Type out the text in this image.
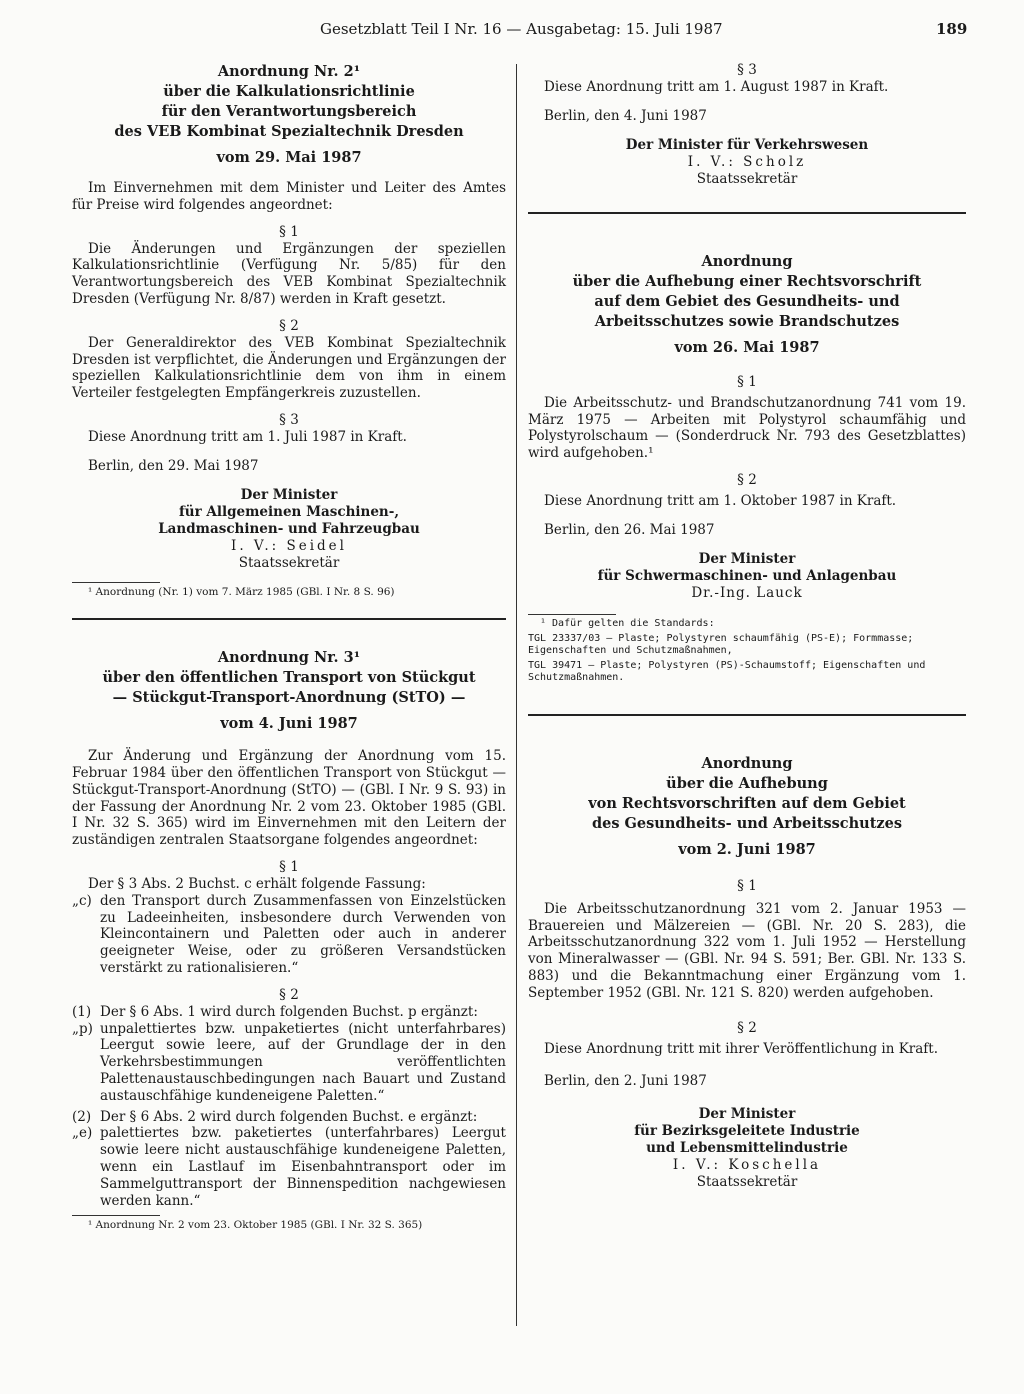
Gesetzblatt Teil I Nr. 16 — Ausgabetag: 15. Juli 1987	189
Anordnung Nr. 2¹
über die Kalkulationsrichtlinie
für den Verantwortungsbereich
des VEB Kombinat Spezialtechnik Dresden
vom 29. Mai 1987

Im Einvernehmen mit dem Minister und Leiter des Amtes für Preise wird folgendes angeordnet:

§ 1

Die Änderungen und Ergänzungen der speziellen Kalkulationsrichtlinie (Verfügung Nr. 5/85) für den Verantwortungsbereich des VEB Kombinat Spezialtechnik Dresden (Verfügung Nr. 8/87) werden in Kraft gesetzt.

§ 2

Der Generaldirektor des VEB Kombinat Spezialtechnik Dresden ist verpflichtet, die Änderungen und Ergänzungen der speziellen Kalkulationsrichtlinie dem von ihm in einem Verteiler festgelegten Empfängerkreis zuzustellen.

§ 3

Diese Anordnung tritt am 1. Juli 1987 in Kraft.

Berlin, den 29. Mai 1987
Der Minister
für Allgemeinen Maschinen-,
Landmaschinen- und Fahrzeugbau
I. V.: Seidel
Staatssekretär
¹ Anordnung (Nr. 1) vom 7. März 1985 (GBl. I Nr. 8 S. 96)
Anordnung Nr. 3¹
über den öffentlichen Transport von Stückgut
— Stückgut-Transport-Anordnung (StTO) —
vom 4. Juni 1987

Zur Änderung und Ergänzung der Anordnung vom 15. Februar 1984 über den öffentlichen Transport von Stückgut — Stückgut-Transport-Anordnung (StTO) — (GBl. I Nr. 9 S. 93) in der Fassung der Anordnung Nr. 2 vom 23. Oktober 1985 (GBl. I Nr. 32 S. 365) wird im Einvernehmen mit den Leitern der zuständigen zentralen Staatsorgane folgendes angeordnet:

§ 1

Der § 3 Abs. 2 Buchst. c erhält folgende Fassung:

„c) den Transport durch Zusammenfassen von Einzelstücken zu Ladeeinheiten, insbesondere durch Verwenden von Kleincontainern und Paletten oder auch in anderer geeigneter Weise, oder zu größeren Versandstücken verstärkt zu rationalisieren.“
§ 2
(1) Der § 6 Abs. 1 wird durch folgenden Buchst. p ergänzt:
„p) unpalettiertes bzw. unpaketiertes (nicht unterfahrbares) Leergut sowie leere, auf der Grundlage der in den Verkehrsbestimmungen veröffentlichten Palettenaustauschbedingungen nach Bauart und Zustand austauschfähige kundeneigene Paletten.“
(2) Der § 6 Abs. 2 wird durch folgenden Buchst. e ergänzt:
„e) palettiertes bzw. paketiertes (unterfahrbares) Leergut sowie leere nicht austauschfähige kundeneigene Paletten, wenn ein Lastlauf im Eisenbahntransport oder im Sammelguttransport der Binnenspedition nachgewiesen werden kann.“
¹ Anordnung Nr. 2 vom 23. Oktober 1985 (GBl. I Nr. 32 S. 365)
§ 3

Diese Anordnung tritt am 1. August 1987 in Kraft.

Berlin, den 4. Juni 1987
Der Minister für Verkehrswesen
I. V.: Scholz
Staatssekretär
Anordnung
über die Aufhebung einer Rechtsvorschrift
auf dem Gebiet des Gesundheits- und
Arbeitsschutzes sowie Brandschutzes
vom 26. Mai 1987
§ 1

Die Arbeitsschutz- und Brandschutzanordnung 741 vom 19. März 1975 — Arbeiten mit Polystyrol schaumfähig und Polystyrolschaum — (Sonderdruck Nr. 793 des Gesetzblattes) wird aufgehoben.¹

§ 2

Diese Anordnung tritt am 1. Oktober 1987 in Kraft.

Berlin, den 26. Mai 1987
Der Minister
für Schwermaschinen- und Anlagenbau
Dr.-Ing. Lauck
¹ Dafür gelten die Standards:
TGL 23337/03 – Plaste; Polystyren schaumfähig (PS-E); Formmasse; Eigenschaften und Schutzmaßnahmen,
TGL 39471 – Plaste; Polystyren (PS)-Schaumstoff; Eigenschaften und Schutzmaßnahmen.
Anordnung
über die Aufhebung
von Rechtsvorschriften auf dem Gebiet
des Gesundheits- und Arbeitsschutzes
vom 2. Juni 1987
§ 1

Die Arbeitsschutzanordnung 321 vom 2. Januar 1953 — Brauereien und Mälzereien — (GBl. Nr. 20 S. 283), die Arbeitsschutzanordnung 322 vom 1. Juli 1952 — Herstellung von Mineralwasser — (GBl. Nr. 94 S. 591; Ber. GBl. Nr. 133 S. 883) und die Bekanntmachung einer Ergänzung vom 1. September 1952 (GBl. Nr. 121 S. 820) werden aufgehoben.

§ 2

Diese Anordnung tritt mit ihrer Veröffentlichung in Kraft.

Berlin, den 2. Juni 1987
Der Minister
für Bezirksgeleitete Industrie
und Lebensmittelindustrie
I. V.: Koschella
Staatssekretär
